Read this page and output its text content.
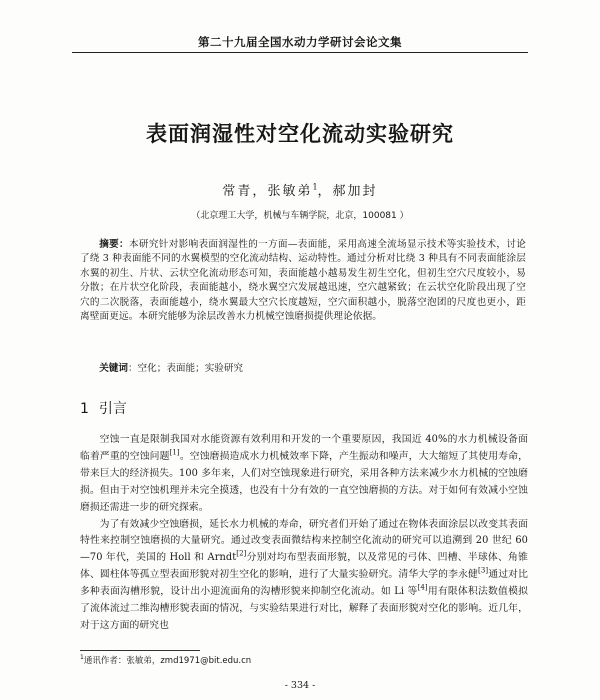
第二十九届全国水动力学研讨会论文集
表面润湿性对空化流动实验研究
常青，张敏弟$^1$，郝加封
（北京理工大学，机械与车辆学院，北京，100081 ）
摘要：本研究针对影响表面润湿性的一方面—表面能，采用高速全流场显示技术等实验技术，讨论了绕 3 种表面能不同的水翼模型的空化流动结构、运动特性。通过分析对比绕 3 种具有不同表面能涂层水翼的初生、片状、云状空化流动形态可知，表面能越小越易发生初生空化，但初生空穴尺度较小，易分散；在片状空化阶段，表面能越小，绕水翼空穴发展越迅速，空穴越紧致；在云状空化阶段出现了空穴的二次脱落，表面能越小，绕水翼最大空穴长度越短，空穴面积越小，脱落空泡团的尺度也更小，距离壁面更远。本研究能够为涂层改善水力机械空蚀磨损提供理论依据。
关键词：空化；表面能；实验研究
1 引言

空蚀一直是限制我国对水能资源有效利用和开发的一个重要原因，我国近 40%的水力机械设备面临着严重的空蚀问题[1]。空蚀磨损造成水力机械效率下降，产生振动和噪声，大大缩短了其使用寿命，带来巨大的经济损失。100 多年来，人们对空蚀现象进行研究，采用各种方法来减少水力机械的空蚀磨损。但由于对空蚀机理并未完全摸透，也没有十分有效的一直空蚀磨损的方法。对于如何有效减小空蚀磨损还需进一步的研究探索。

为了有效减少空蚀磨损，延长水力机械的寿命，研究者们开始了通过在物体表面涂层以改变其表面特性来控制空蚀磨损的大量研究。通过改变表面微结构来控制空化流动的研究可以追溯到 20 世纪 60—70 年代，美国的 Holl 和 Arndt[2]分别对均布型表面形貌，以及常见的弓体、凹槽、半球体、角锥体、圆柱体等孤立型表面形貌对初生空化的影响，进行了大量实验研究。清华大学的李永健[3]通过对比多种表面沟槽形貌，设计出小迎流面角的沟槽形貌来抑制空化流动。如 Li 等[4]用有限体积法数值模拟了流体流过二维沟槽形貌表面的情况，与实验结果进行对比，解释了表面形貌对空化的影响。近几年，对于这方面的研究也

$^1$通讯作者：张敏弟，zmd1971@bit.edu.cn
- 334 -
